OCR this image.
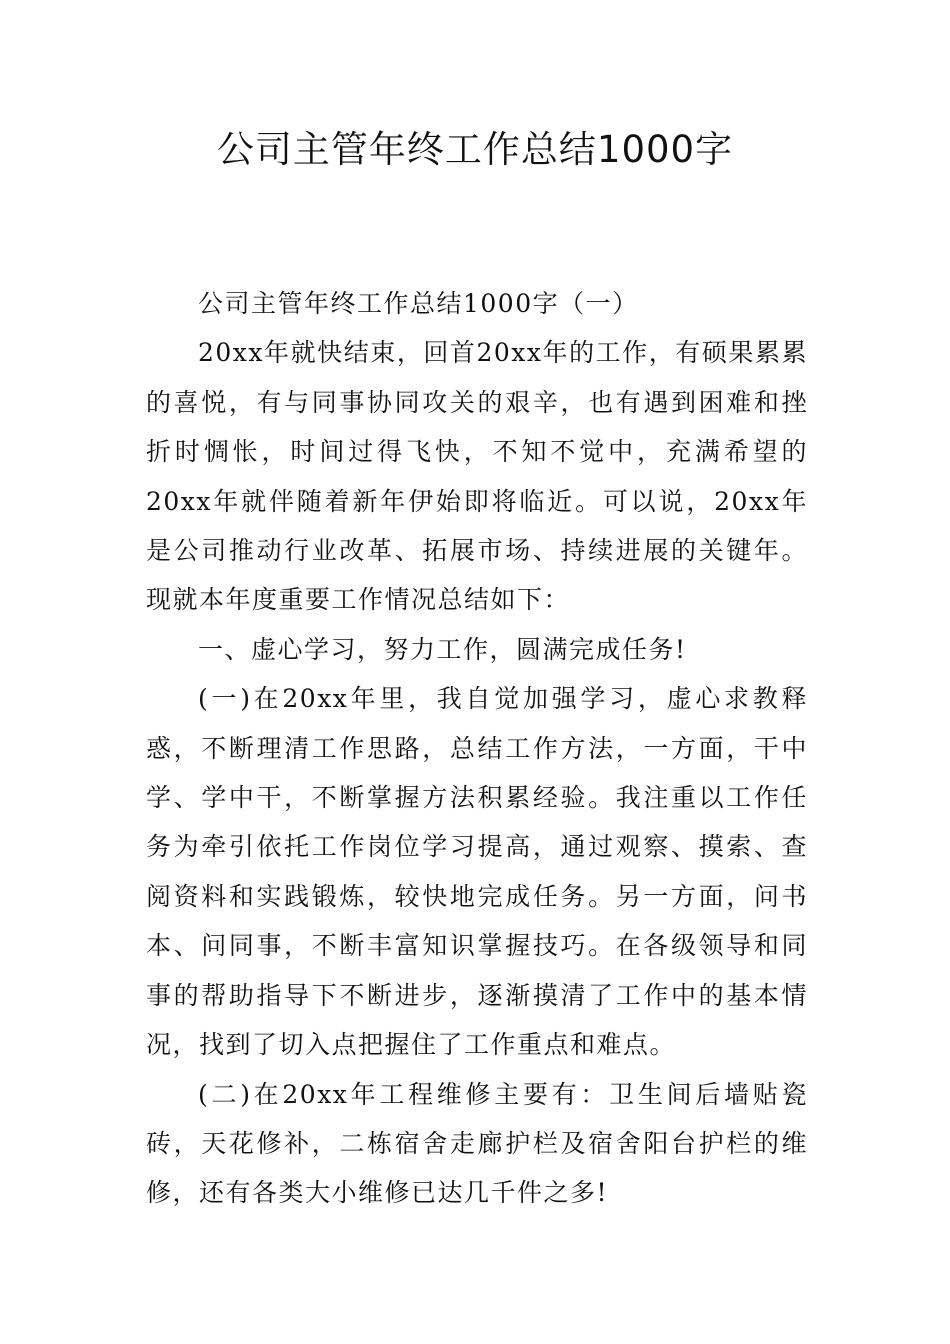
公司主管年终工作总结1000字

公司主管年终工作总结1000字（一）

20xx年就快结束，回首20xx年的工作，有硕果累累的喜悦，有与同事协同攻关的艰辛，也有遇到困难和挫折时惆怅，时间过得飞快，不知不觉中，充满希望的20xx年就伴随着新年伊始即将临近。可以说，20xx年是公司推动行业改革、拓展市场、持续进展的关键年。现就本年度重要工作情况总结如下：

一、虚心学习，努力工作，圆满完成任务!

(一)在20xx年里，我自觉加强学习，虚心求教释惑，不断理清工作思路，总结工作方法，一方面，干中学、学中干，不断掌握方法积累经验。我注重以工作任务为牵引依托工作岗位学习提高，通过观察、摸索、查阅资料和实践锻炼，较快地完成任务。另一方面，问书本、问同事，不断丰富知识掌握技巧。在各级领导和同事的帮助指导下不断进步，逐渐摸清了工作中的基本情况，找到了切入点把握住了工作重点和难点。

(二)在20xx年工程维修主要有：卫生间后墙贴瓷砖，天花修补，二栋宿舍走廊护栏及宿舍阳台护栏的维修，还有各类大小维修已达几千件之多!
